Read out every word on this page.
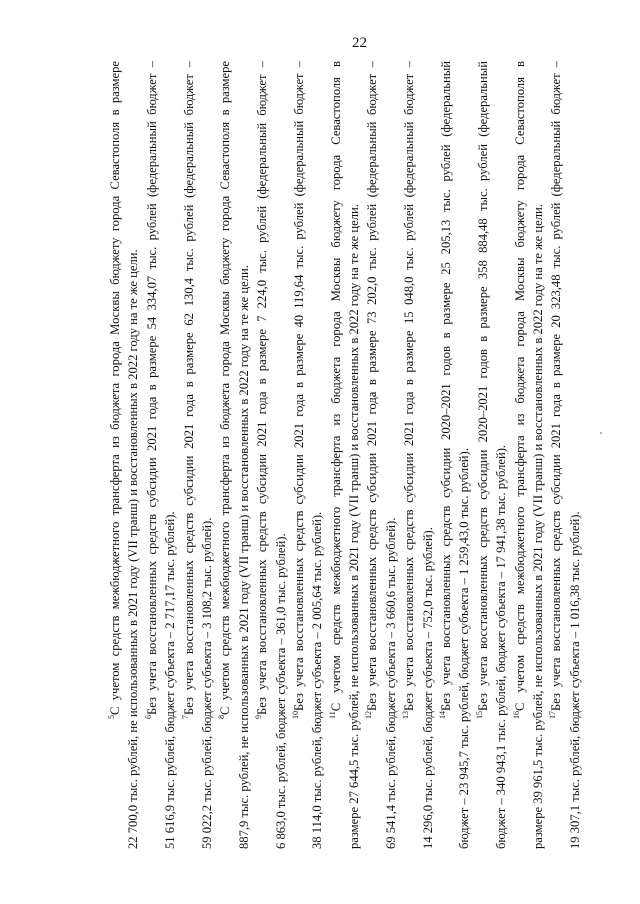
22
$^5$С учетом средств межбюджетного трансферта из бюджета города Москвы бюджету города Севастополя в размере 22 700,0 тыс. рублей, не использованных в 2021 году (VII транш) и восстановленных в 2022 году на те же цели. $^6$Без учета восстановленных средств субсидии 2021 года в размере 54 334,07 тыс. рублей (федеральный бюджет – 51 616,9 тыс. рублей, бюджет субъекта – 2 717,17 тыс. рублей). $^7$Без учета восстановленных средств субсидии 2021 года в размере 62 130,4 тыс. рублей (федеральный бюджет – 59 022,2 тыс. рублей, бюджет субъекта – 3 108,2 тыс. рублей). $^8$С учетом средств межбюджетного трансферта из бюджета города Москвы бюджету города Севастополя в размере 887,9 тыс. рублей, не использованных в 2021 году (VII транш) и восстановленных в 2022 году на те же цели. $^9$Без учета восстановленных средств субсидии 2021 года в размере 7 224,0 тыс. рублей (федеральный бюджет – 6 863,0 тыс. рублей, бюджет субъекта – 361,0 тыс. рублей). $^{10}$Без учета восстановленных средств субсидии 2021 года в размере 40 119,64 тыс. рублей (федеральный бюджет – 38 114,0 тыс. рублей, бюджет субъекта – 2 005,64 тыс. рублей). $^{11}$С учетом средств межбюджетного трансферта из бюджета города Москвы бюджету города Севастополя в размере 27 644,5 тыс. рублей, не использованных в 2021 году (VII транш) и восстановленных в 2022 году на те же цели. $^{12}$Без учета восстановленных средств субсидии 2021 года в размере 73 202,0 тыс. рублей (федеральный бюджет – 69 541,4 тыс. рублей, бюджет субъекта – 3 660,6 тыс. рублей). $^{13}$Без учета восстановленных средств субсидии 2021 года в размере 15 048,0 тыс. рублей (федеральный бюджет – 14 296,0 тыс. рублей, бюджет субъекта – 752,0 тыс. рублей). $^{14}$Без учета восстановленных средств субсидии 2020–2021 годов в размере 25 205,13 тыс. рублей (федеральный бюджет – 23 945,7 тыс. рублей, бюджет субъекта – 1 259,43,0 тыс. рублей). $^{15}$Без учета восстановленных средств субсидии 2020–2021 годов в размере 358 884,48 тыс. рублей (федеральный бюджет – 340 943,1 тыс. рублей, бюджет субъекта – 17 941,38 тыс. рублей). $^{16}$С учетом средств межбюджетного трансферта из бюджета города Москвы бюджету города Севастополя в размере 39 961,5 тыс. рублей, не использованных в 2021 году (VII транш) и восстановленных в 2022 году на те же цели. $^{17}$Без учета восстановленных средств субсидии 2021 года в размере 20 323,48 тыс. рублей (федеральный бюджет – 19 307,1 тыс. рублей, бюджет субъекта – 1 016,38 тыс. рублей).
